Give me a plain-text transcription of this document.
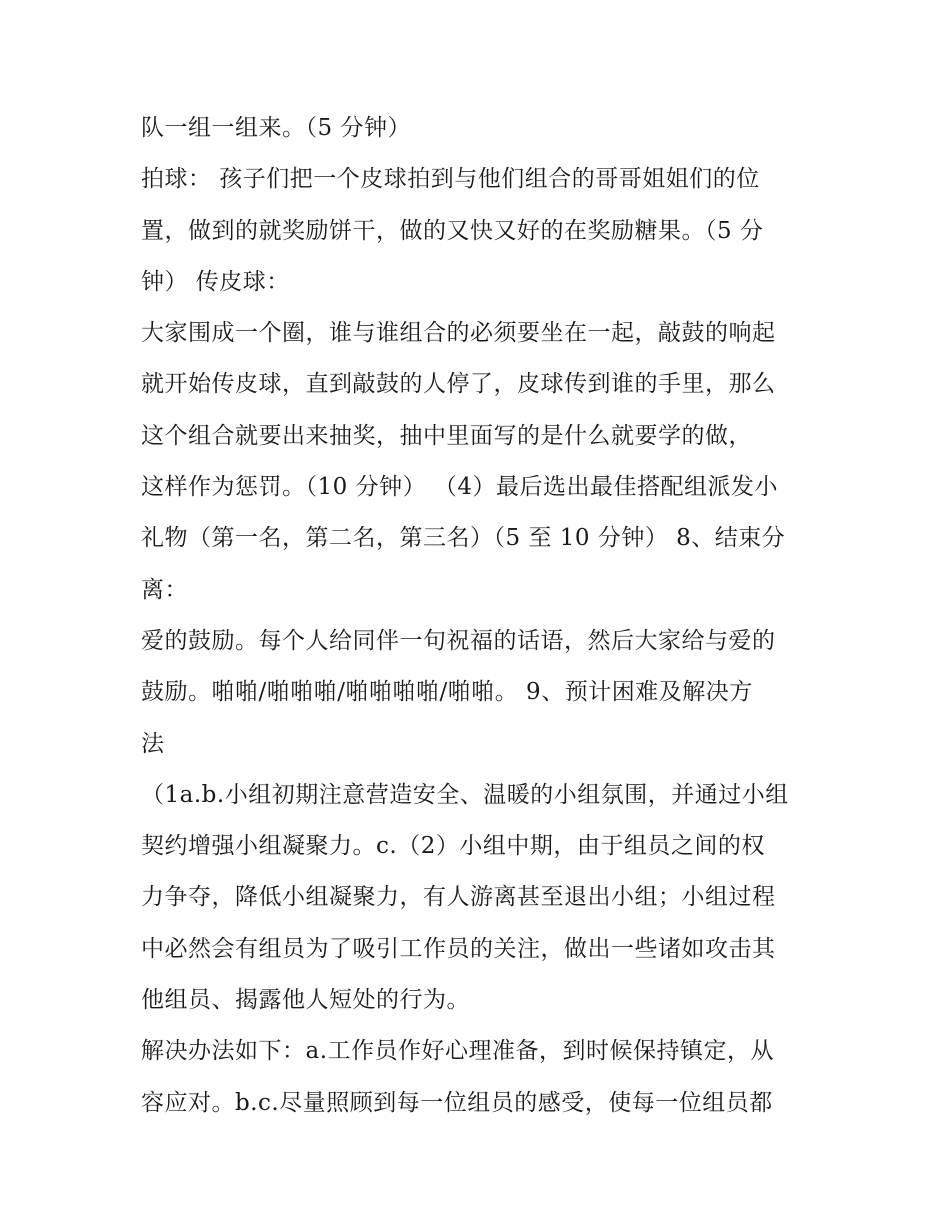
队一组一组来。（5 分钟）
拍球： 孩子们把一个皮球拍到与他们组合的哥哥姐姐们的位
置，做到的就奖励饼干，做的又快又好的在奖励糖果。（5 分
钟） 传皮球：
大家围成一个圈，谁与谁组合的必须要坐在一起，敲鼓的响起
就开始传皮球，直到敲鼓的人停了，皮球传到谁的手里，那么
这个组合就要出来抽奖，抽中里面写的是什么就要学的做，
这样作为惩罚。（10 分钟） （4）最后选出最佳搭配组派发小
礼物（第一名，第二名，第三名）（5 至 10 分钟） 8、结束分
离：
爱的鼓励。每个人给同伴一句祝福的话语，然后大家给与爱的
鼓励。啪啪/啪啪啪/啪啪啪啪/啪啪。 9、预计困难及解决方
法
（1a.b.小组初期注意营造安全、温暖的小组氛围，并通过小组
契约增强小组凝聚力。c.（2）小组中期，由于组员之间的权
力争夺，降低小组凝聚力，有人游离甚至退出小组；小组过程
中必然会有组员为了吸引工作员的关注，做出一些诸如攻击其
他组员、揭露他人短处的行为。
解决办法如下：a.工作员作好心理准备，到时候保持镇定，从
容应对。b.c.尽量照顾到每一位组员的感受，使每一位组员都
